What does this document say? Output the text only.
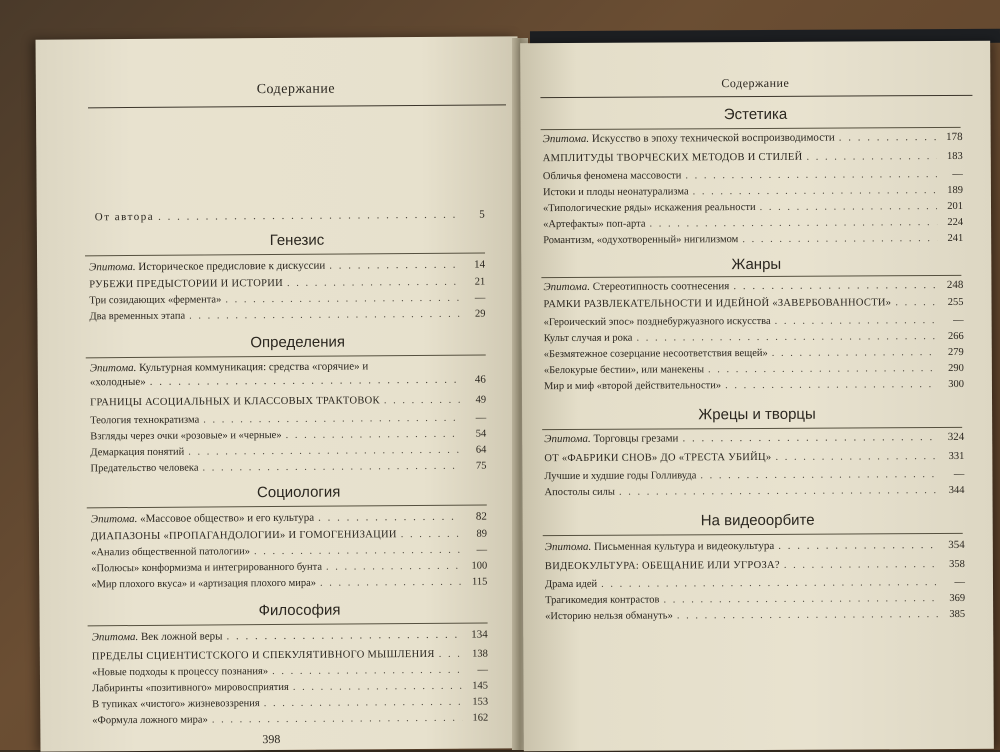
Содержание
От автора . . .	5
Генезис
Эпитома. Историческое предисловие к дискуссии . . .	14
РУБЕЖИ ПРЕДЫСТОРИИ И ИСТОРИИ . . .	21
Три созидающих «фермента» . . .	—
Два временных этапа . . .	29
Определения
Эпитома. Культурная коммуникация: средства «горячие» и
«холодные» . . .	46
ГРАНИЦЫ АСОЦИАЛЬНЫХ И КЛАССОВЫХ ТРАКТОВОК . . .	49
Теология технократизма . . .	—
Взгляды через очки «розовые» и «черные» . . .	54
Демаркация понятий . . .	64
Предательство человека . . .	75
Социология
Эпитома. «Массовое общество» и его культура . . .	82
ДИАПАЗОНЫ «ПРОПАГАНДОЛОГИИ» И ГОМОГЕНИЗАЦИИ . . .	89
«Анализ общественной патологии» . . .	—
«Полюсы» конформизма и интегрированного бунта . . .	100
«Мир плохого вкуса» и «артизация плохого мира» . . .	115
Философия
Эпитома. Век ложной веры . . .	134
ПРЕДЕЛЫ СЦИЕНТИСТСКОГО И СПЕКУЛЯТИВНОГО МЫШЛЕНИЯ . . .	138
«Новые подходы к процессу познания» . . .	—
Лабиринты «позитивного» мировосприятия . . .	145
В тупиках «чистого» жизневоззрения . . .	153
«Формула ложного мира» . . .	162
398
Содержание
Эстетика
Эпитома. Искусство в эпоху технической воспроизводимости . . .	178
АМПЛИТУДЫ ТВОРЧЕСКИХ МЕТОДОВ И СТИЛЕЙ . . .	183
Обличья феномена массовости . . .	—
Истоки и плоды неонатурализма . . .	189
«Типологические ряды» искажения реальности . . .	201
«Артефакты» поп-арта . . .	224
Романтизм, «одухотворенный» нигилизмом . . .	241
Жанры
Эпитома. Стереотипность соотнесения . . .	248
РАМКИ РАЗВЛЕКАТЕЛЬНОСТИ И ИДЕЙНОЙ «ЗАВЕРБОВАННОСТИ» . . .	255
«Героический эпос» позднебуржуазного искусства . . .	—
Культ случая и рока . . .	266
«Безмятежное созерцание несоответствия вещей» . . .	279
«Белокурые бестии», или манекены . . .	290
Мир и миф «второй действительности» . . .	300
Жрецы и творцы
Эпитома. Торговцы грезами . . .	324
ОТ «ФАБРИКИ СНОВ» ДО «ТРЕСТА УБИЙЦ» . . .	331
Лучшие и худшие годы Голливуда . . .	—
Апостолы силы . . .	344
На видеоорбите
Эпитома. Письменная культура и видеокультура . . .	354
ВИДЕОКУЛЬТУРА: ОБЕЩАНИЕ ИЛИ УГРОЗА? . . .	358
Драма идей . . .	—
Трагикомедия контрастов . . .	369
«Историю нельзя обмануть» . . .	385
